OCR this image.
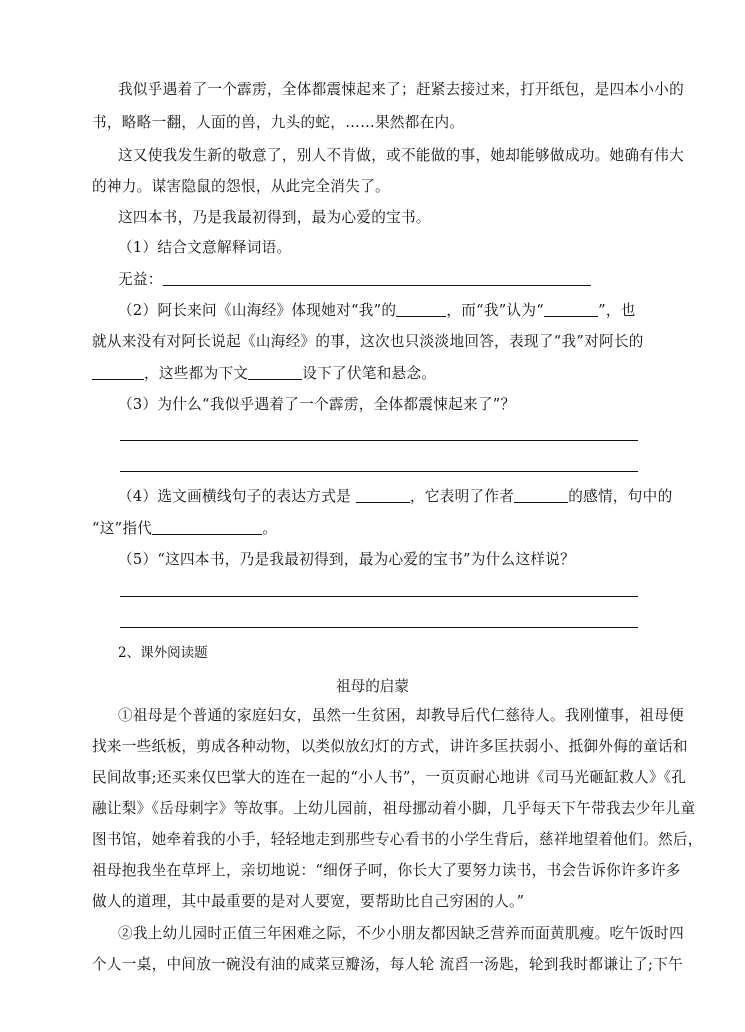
我似乎遇着了一个霹雳，全体都震悚起来了；赶紧去接过来，打开纸包，是四本小小的
书，略略一翻，人面的兽，九头的蛇，……果然都在内。
这又使我发生新的敬意了，别人不肯做，或不能做的事，她却能够做成功。她确有伟大
的神力。谋害隐鼠的怨恨，从此完全消失了。
这四本书，乃是我最初得到，最为心爱的宝书。
（1）结合文意解释词语。
无益：
（2）阿长来问《山海经》体现她对“我”的	，而“我”认为“	”，也
就从来没有对阿长说起《山海经》的事，这次也只淡淡地回答，表现了“我”对阿长的
，这些都为下文	设下了伏笔和悬念。
（3）为什么“我似乎遇着了一个霹雳，全体都震悚起来了”？
（4）选文画横线句子的表达方式是	，它表明了作者	的感情，句中的
“这”指代	。
（5）“这四本书，乃是我最初得到，最为心爱的宝书”为什么这样说？
2、课外阅读题
祖母的启蒙
①祖母是个普通的家庭妇女，虽然一生贫困，却教导后代仁慈待人。我刚懂事，祖母便
找来一些纸板，剪成各种动物，以类似放幻灯的方式，讲许多匡扶弱小、抵御外侮的童话和
民间故事;还买来仅巴掌大的连在一起的“小人书”，一页页耐心地讲《司马光砸缸救人》《孔
融让梨》《岳母刺字》等故事。上幼儿园前，祖母挪动着小脚，几乎每天下午带我去少年儿童
图书馆，她牵着我的小手，轻轻地走到那些专心看书的小学生背后，慈祥地望着他们。然后，
祖母抱我坐在草坪上，亲切地说：“细伢子呵，你长大了要努力读书，书会告诉你许多许多
做人的道理，其中最重要的是对人要宽，要帮助比自己穷困的人。”
②我上幼儿园时正值三年困难之际，不少小朋友都因缺乏营养而面黄肌瘦。吃午饭时四
个人一桌，中间放一碗没有油的咸菜豆瓣汤，每人轮 流舀一汤匙，轮到我时都谦让了;下午
